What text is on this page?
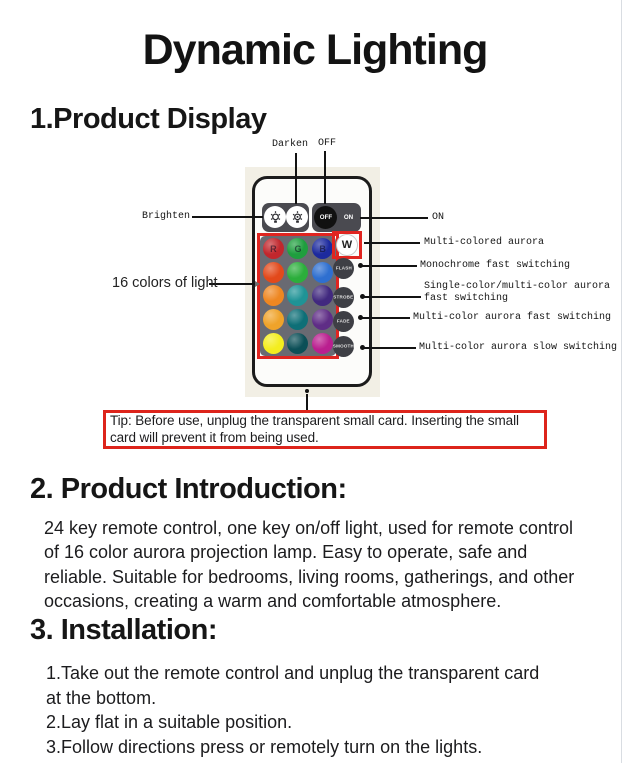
Dynamic Lighting
1.Product Display
OFF ON
R G B	W
FLASH
STROBE
FADE
SMOOTH
Darken OFF
Brighten
16 colors of light
ON
Multi-colored aurora
Monochrome fast switching
Single-color/multi-color aurora fast switching
Multi-color aurora fast switching
Multi-color aurora slow switching
Tip: Before use, unplug the transparent small card. Inserting the small card will prevent it from being used.
2. Product Introduction:
24 key remote control, one key on/off light, used for remote control of 16 color aurora projection lamp. Easy to operate, safe and reliable. Suitable for bedrooms, living rooms, gatherings, and other occasions, creating a warm and comfortable atmosphere.
3. Installation:
1.Take out the remote control and unplug the transparent card at the bottom.
2.Lay flat in a suitable position.
3.Follow directions press or remotely turn on the lights.
